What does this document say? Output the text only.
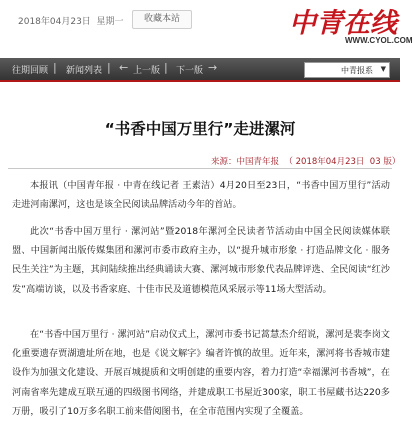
2018年04月23日 星期一	收藏本站	中青在线
WWW.CYOL.COM
往期回顾 | 新闻列表 | ← 上一版 | 下一版 →	中青报系 ▼
“书香中国万里行”走进漯河
来源：中国青年报 （ 2018年04月23日 03 版）

本报讯（中国青年报 · 中青在线记者 王素洁）4月20日至23日，“书香中国万里行”活动走进河南漯河，这也是该全民阅读品牌活动今年的首站。

此次“书香中国万里行 · 漯河站”暨2018年漯河全民读者节活动由中国全民阅读媒体联盟、中国新闻出版传媒集团和漯河市委市政府主办，以“提升城市形象 · 打造品牌文化 · 服务民生关注”为主题，其间陆续推出经典诵读大赛、漯河城市形象代表品牌评选、全民阅读“红沙发”高端访谈，以及书香家庭、十佳市民及道德模范风采展示等11场大型活动。

在“书香中国万里行 · 漯河站”启动仪式上，漯河市委书记蒿慧杰介绍说，漯河是裴李岗文化重要遗存贾湖遗址所在地，也是《说文解字》编者许慎的故里。近年来，漯河将书香城市建设作为加强文化建设、开展百城提质和文明创建的重要内容，着力打造“幸福漯河书香城”，在河南省率先建成互联互通的四级图书网络，并建成职工书屋近300家，职工书屋藏书达220多万册，吸引了10万多名职工前来借阅图书，在全市范围内实现了全覆盖。
